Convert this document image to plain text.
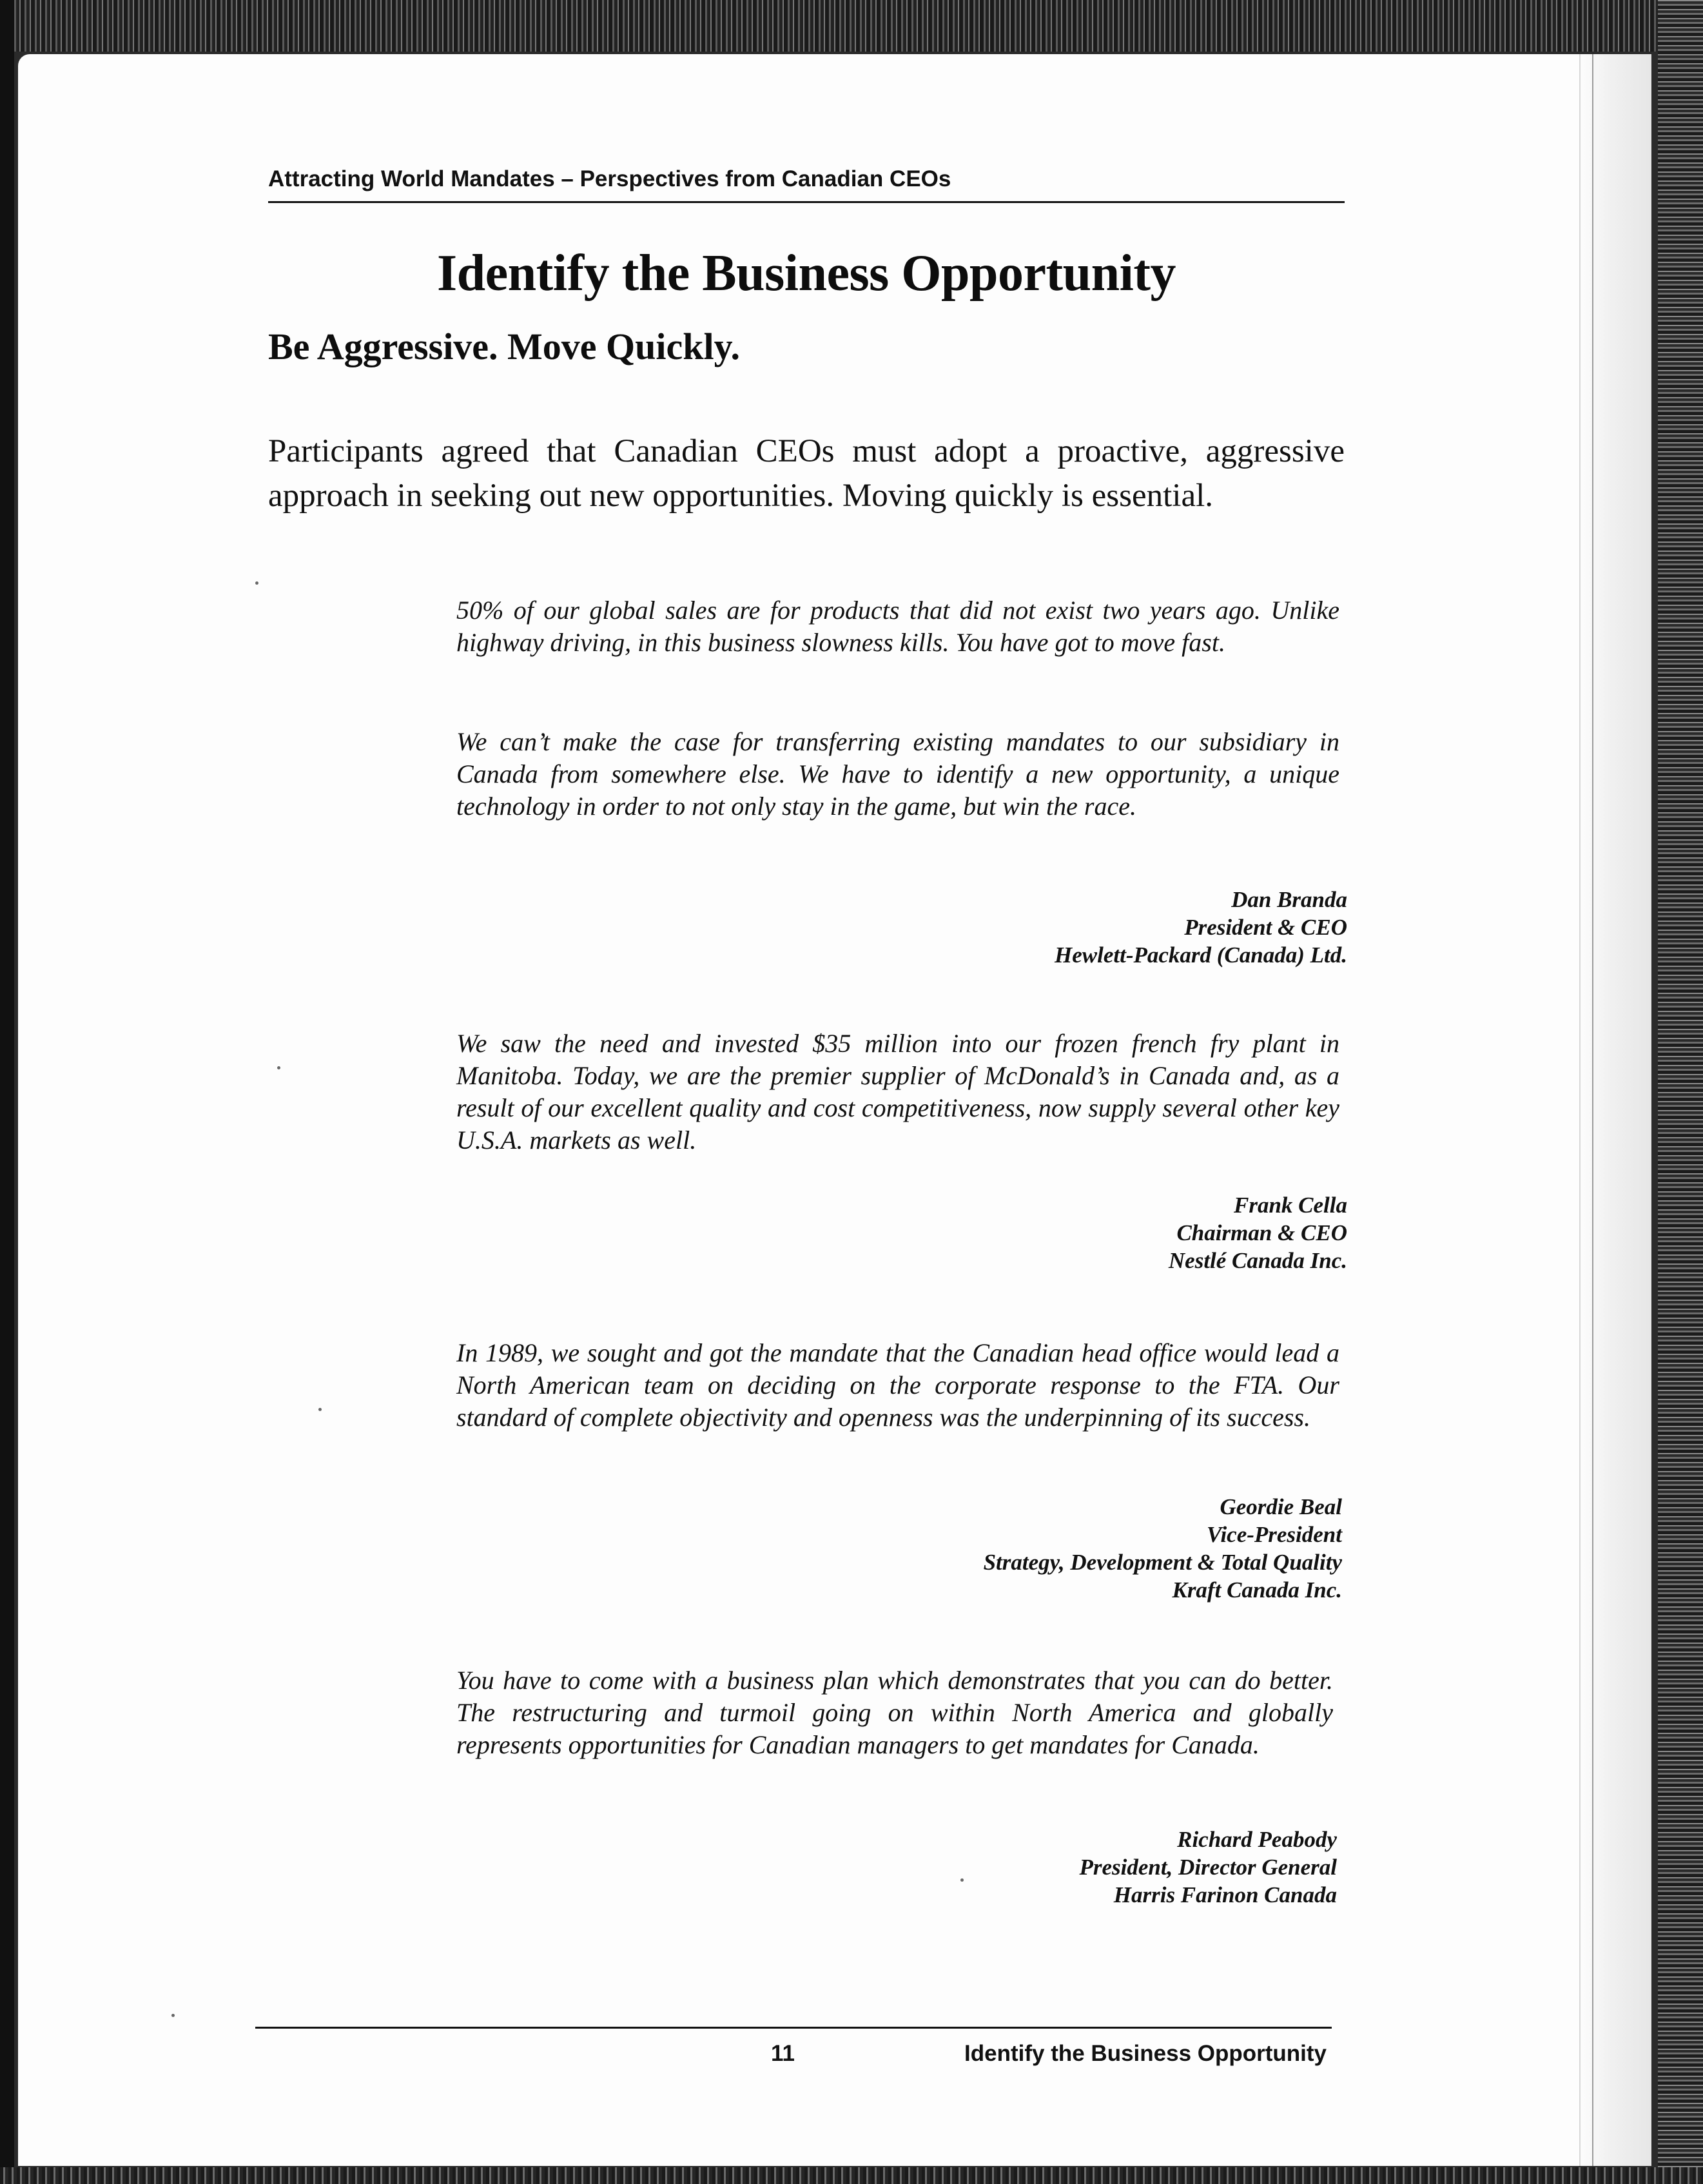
Attracting World Mandates – Perspectives from Canadian CEOs
Identify the Business Opportunity
Be Aggressive. Move Quickly.
Participants agreed that Canadian CEOs must adopt a proactive, aggressive approach in seeking out new opportunities. Moving quickly is essential.
50% of our global sales are for products that did not exist two years ago. Unlike highway driving, in this business slowness kills. You have got to move fast.
We can’t make the case for transferring existing mandates to our subsidiary in Canada from somewhere else. We have to identify a new opportunity, a unique technology in order to not only stay in the game, but win the race.
Dan Branda
President & CEO
Hewlett-Packard (Canada) Ltd.
We saw the need and invested $35 million into our frozen french fry plant in Manitoba. Today, we are the premier supplier of McDonald’s in Canada and, as a result of our excellent quality and cost competitiveness, now supply several other key U.S.A. markets as well.
Frank Cella
Chairman & CEO
Nestlé Canada Inc.
In 1989, we sought and got the mandate that the Canadian head office would lead a North American team on deciding on the corporate response to the FTA. Our standard of complete objectivity and openness was the underpinning of its success.
Geordie Beal
Vice-President
Strategy, Development & Total Quality
Kraft Canada Inc.
You have to come with a business plan which demonstrates that you can do better. The restructuring and turmoil going on within North America and globally represents opportunities for Canadian managers to get mandates for Canada.
Richard Peabody
President, Director General
Harris Farinon Canada
11	Identify the Business Opportunity
